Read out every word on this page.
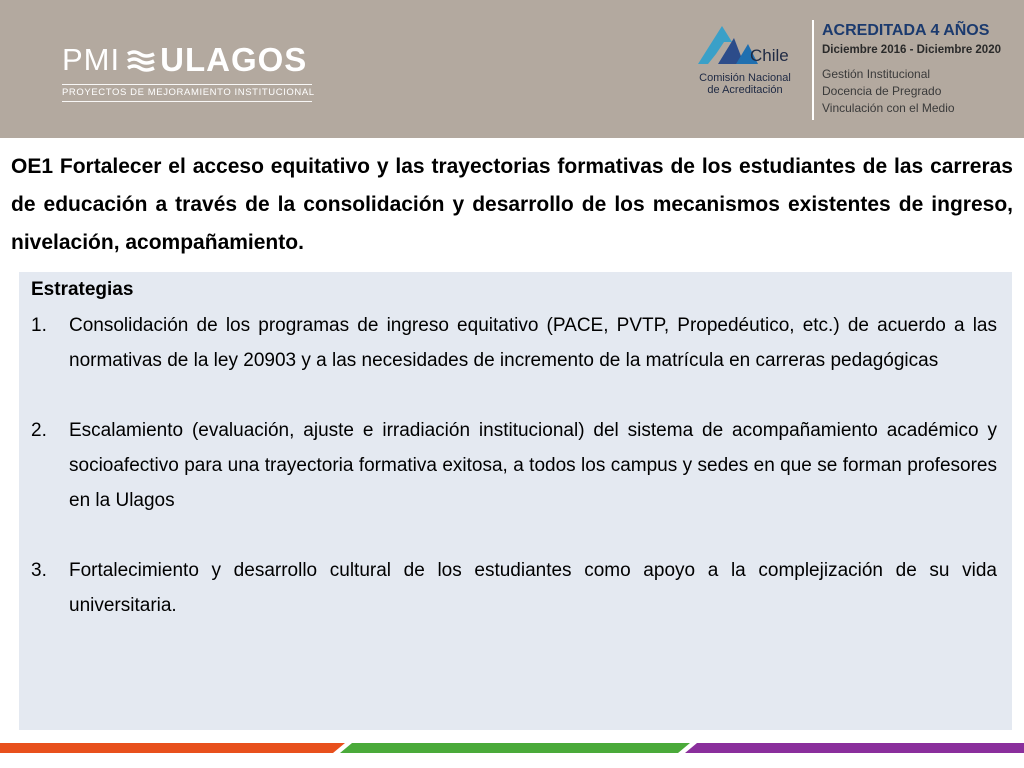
PMI ULAGOS
PROYECTOS DE MEJORAMIENTO INSTITUCIONAL
Chile
Comisión Nacional
de Acreditación
ACREDITADA 4 AÑOS
Diciembre 2016 - Diciembre 2020
Gestión Institucional
Docencia de Pregrado
Vinculación con el Medio
OE1 Fortalecer el acceso equitativo y las trayectorias formativas de los estudiantes de las carreras de educación a través de la consolidación y desarrollo de los mecanismos existentes de ingreso, nivelación, acompañamiento.
Estrategias
1.	Consolidación de los programas de ingreso equitativo (PACE, PVTP, Propedéutico, etc.) de acuerdo a las normativas de la ley 20903 y a las necesidades de incremento de la matrícula en carreras pedagógicas
2.	Escalamiento (evaluación, ajuste e irradiación institucional) del sistema de acompañamiento académico y socioafectivo para una trayectoria formativa exitosa, a todos los campus y sedes en que se forman profesores en la Ulagos
3.	Fortalecimiento y desarrollo cultural de los estudiantes como apoyo a la complejización de su vida universitaria.
